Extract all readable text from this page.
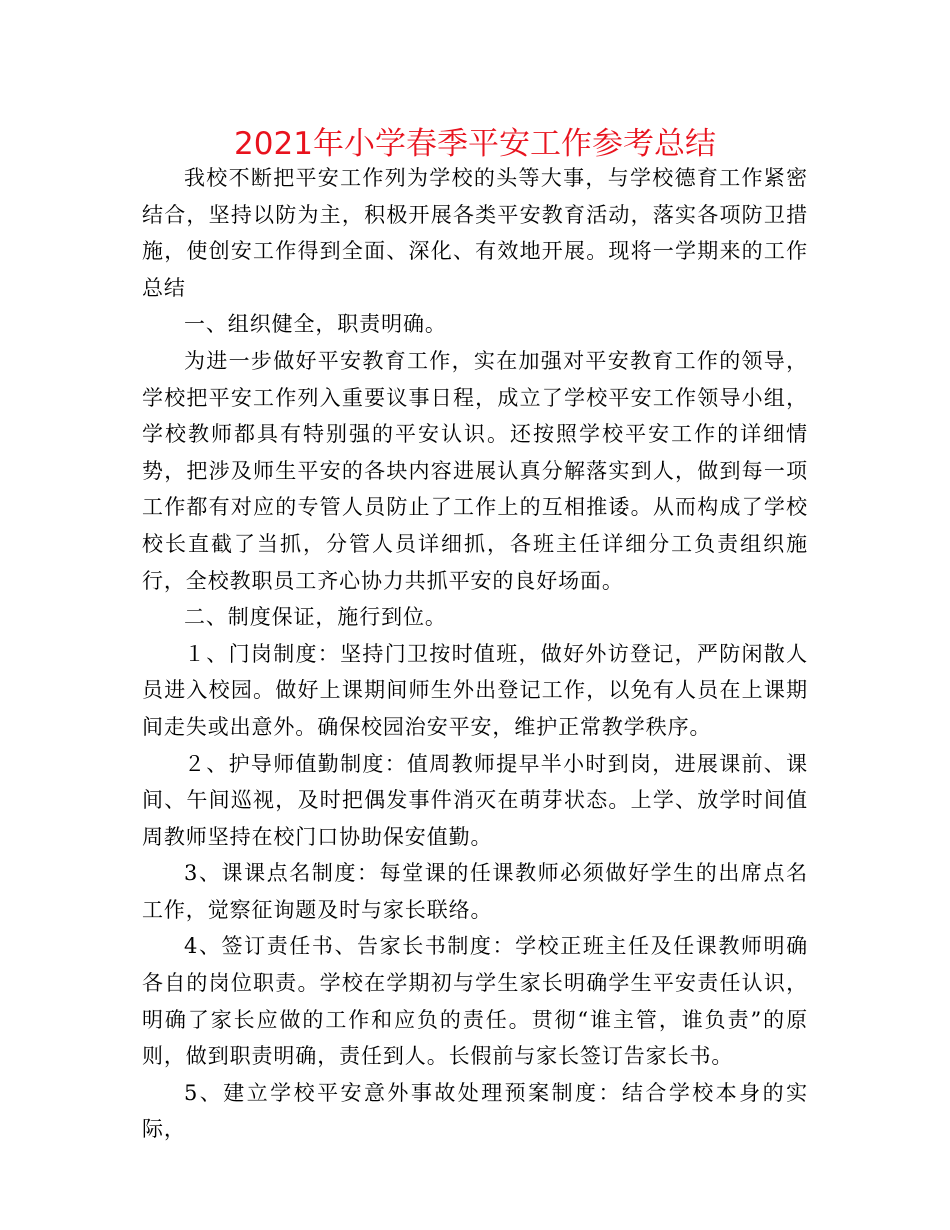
2021年小学春季平安工作参考总结

我校不断把平安工作列为学校的头等大事，与学校德育工作紧密结合，坚持以防为主，积极开展各类平安教育活动，落实各项防卫措施，使创安工作得到全面、深化、有效地开展。现将一学期来的工作总结

一、组织健全，职责明确。

为进一步做好平安教育工作，实在加强对平安教育工作的领导，学校把平安工作列入重要议事日程，成立了学校平安工作领导小组，学校教师都具有特别强的平安认识。还按照学校平安工作的详细情势，把涉及师生平安的各块内容进展认真分解落实到人，做到每一项工作都有对应的专管人员防止了工作上的互相推诿。从而构成了学校校长直截了当抓，分管人员详细抓，各班主任详细分工负责组织施行，全校教职员工齐心协力共抓平安的良好场面。

二、制度保证，施行到位。

１、门岗制度：坚持门卫按时值班，做好外访登记，严防闲散人员进入校园。做好上课期间师生外出登记工作，以免有人员在上课期间走失或出意外。确保校园治安平安，维护正常教学秩序。

２、护导师值勤制度：值周教师提早半小时到岗，进展课前、课间、午间巡视，及时把偶发事件消灭在萌芽状态。上学、放学时间值周教师坚持在校门口协助保安值勤。

3、课课点名制度：每堂课的任课教师必须做好学生的出席点名工作，觉察征询题及时与家长联络。

4、签订责任书、告家长书制度：学校正班主任及任课教师明确各自的岗位职责。学校在学期初与学生家长明确学生平安责任认识，明确了家长应做的工作和应负的责任。贯彻“谁主管，谁负责”的原则，做到职责明确，责任到人。长假前与家长签订告家长书。

5、建立学校平安意外事故处理预案制度：结合学校本身的实际，
